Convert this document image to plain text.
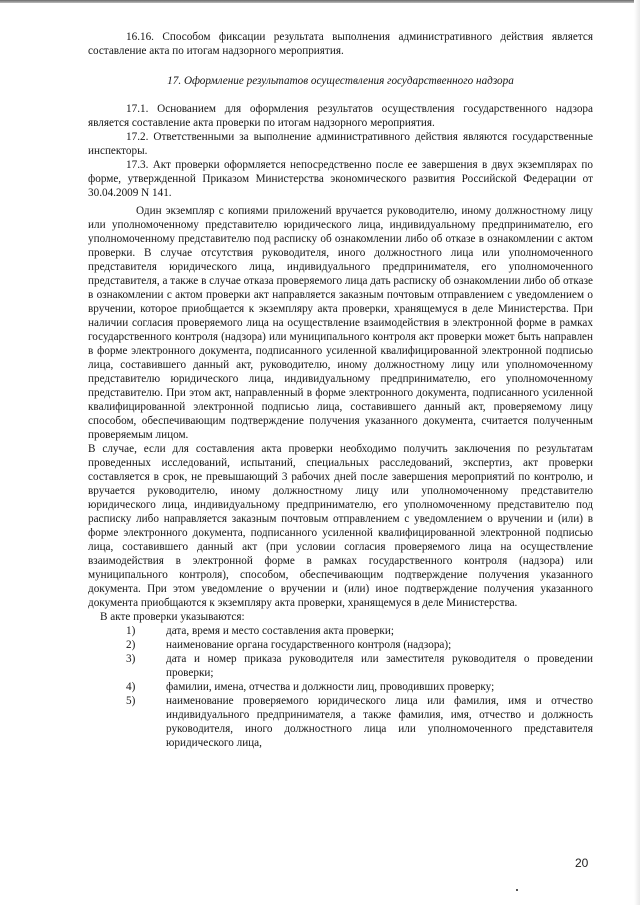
16.16. Способом фиксации результата выполнения административного действия является составление акта по итогам надзорного мероприятия.

17. Оформление результатов осуществления государственного надзора

17.1. Основанием для оформления результатов осуществления государственного надзора является составление акта проверки по итогам надзорного мероприятия.

17.2. Ответственными за выполнение административного действия являются государственные инспекторы.

17.3. Акт проверки оформляется непосредственно после ее завершения в двух экземплярах по форме, утвержденной Приказом Министерства экономического развития Российской Федерации от 30.04.2009 N 141.

Один экземпляр с копиями приложений вручается руководителю, иному должностному лицу или уполномоченному представителю юридического лица, индивидуальному предпринимателю, его уполномоченному представителю под расписку об ознакомлении либо об отказе в ознакомлении с актом проверки. В случае отсутствия руководителя, иного должностного лица или уполномоченного представителя юридического лица, индивидуального предпринимателя, его уполномоченного представителя, а также в случае отказа проверяемого лица дать расписку об ознакомлении либо об отказе в ознакомлении с актом проверки акт направляется заказным почтовым отправлением с уведомлением о вручении, которое приобщается к экземпляру акта проверки, хранящемуся в деле Министерства. При наличии согласия проверяемого лица на осуществление взаимодействия в электронной форме в рамках государственного контроля (надзора) или муниципального контроля акт проверки может быть направлен в форме электронного документа, подписанного усиленной квалифицированной электронной подписью лица, составившего данный акт, руководителю, иному должностному лицу или уполномоченному представителю юридического лица, индивидуальному предпринимателю, его уполномоченному представителю. При этом акт, направленный в форме электронного документа, подписанного усиленной квалифицированной электронной подписью лица, составившего данный акт, проверяемому лицу способом, обеспечивающим подтверждение получения указанного документа, считается полученным проверяемым лицом.

В случае, если для составления акта проверки необходимо получить заключения по результатам проведенных исследований, испытаний, специальных расследований, экспертиз, акт проверки составляется в срок, не превышающий 3 рабочих дней после завершения мероприятий по контролю, и вручается руководителю, иному должностному лицу или уполномоченному представителю юридического лица, индивидуальному предпринимателю, его уполномоченному представителю под расписку либо направляется заказным почтовым отправлением с уведомлением о вручении и (или) в форме электронного документа, подписанного усиленной квалифицированной электронной подписью лица, составившего данный акт (при условии согласия проверяемого лица на осуществление взаимодействия в электронной форме в рамках государственного контроля (надзора) или муниципального контроля), способом, обеспечивающим подтверждение получения указанного документа. При этом уведомление о вручении и (или) иное подтверждение получения указанного документа приобщаются к экземпляру акта проверки, хранящемуся в деле Министерства.

В акте проверки указываются:

1)	дата, время и место составления акта проверки;
2)	наименование органа государственного контроля (надзора);
3)	дата и номер приказа руководителя или заместителя руководителя о проведении проверки;
4)	фамилии, имена, отчества и должности лиц, проводивших проверку;
5)	наименование проверяемого юридического лица или фамилия, имя и отчество индивидуального предпринимателя, а также фамилия, имя, отчество и должность руководителя, иного должностного лица или уполномоченного представителя юридического лица,
20
